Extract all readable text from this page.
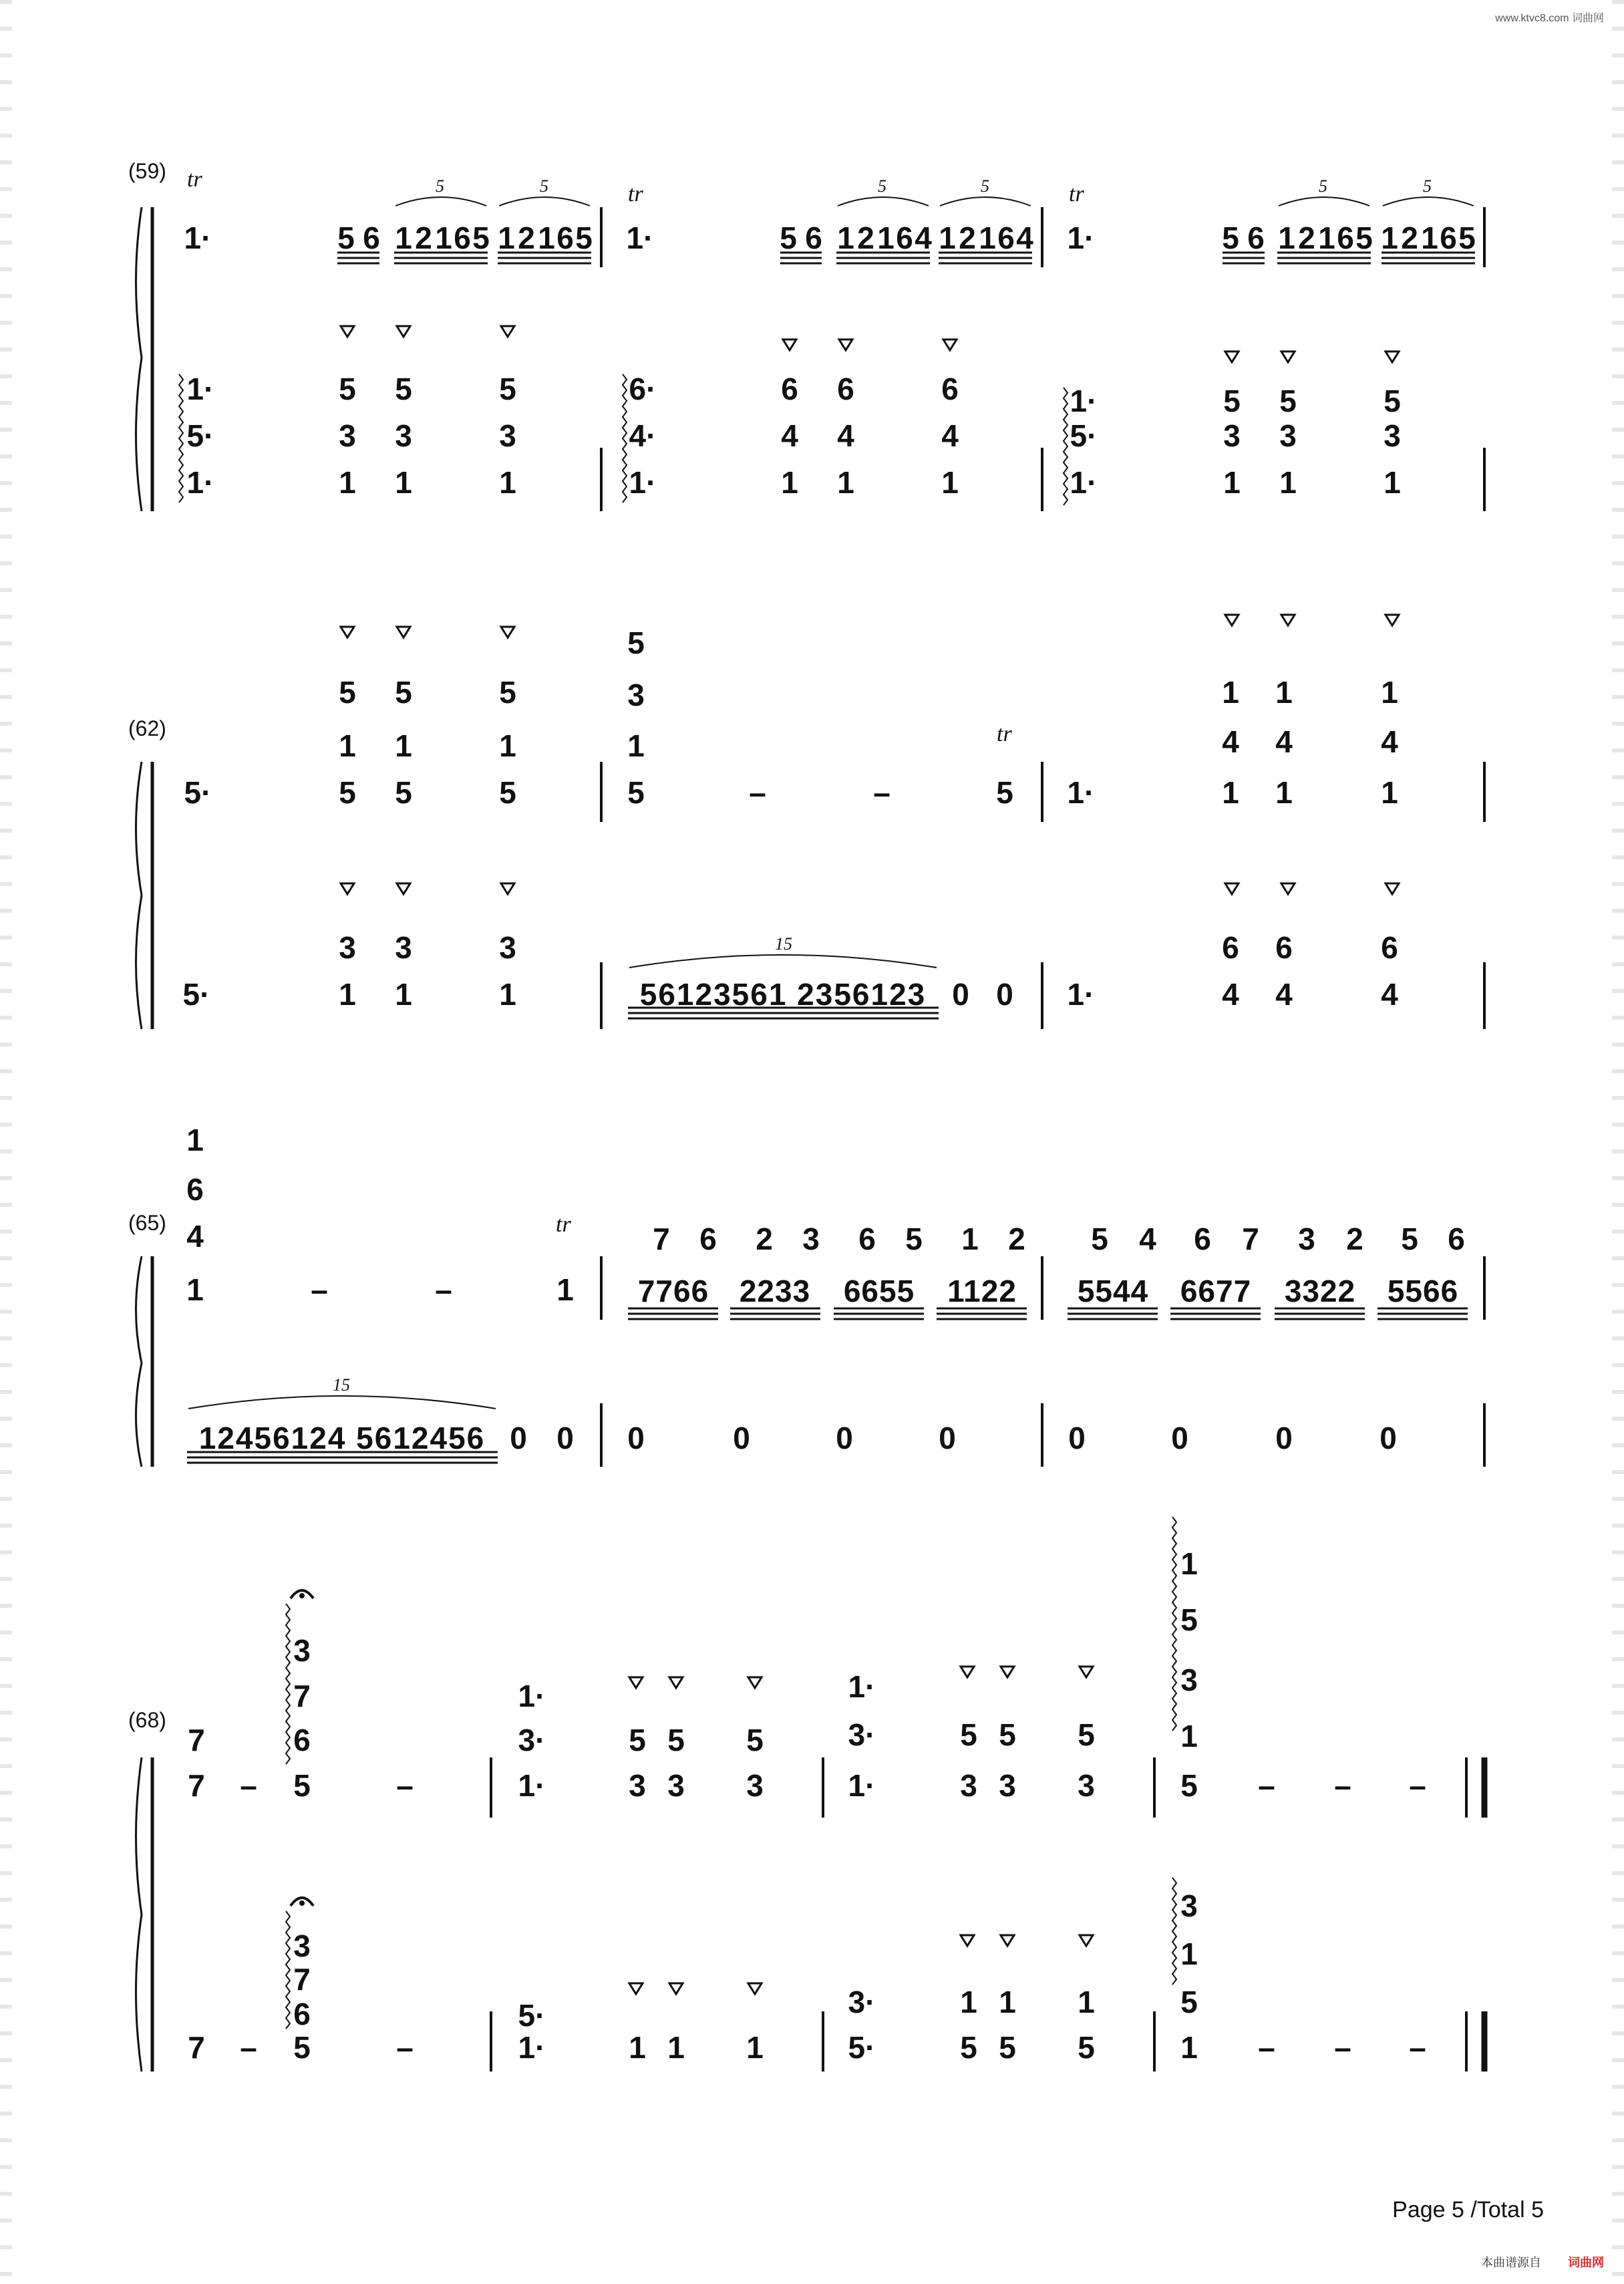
www.ktvc8.com 词曲网
(59)
(62)
(65)
(68)
tr
tr	tr
tr
tr
5	5	5	5	5	5
15
15
1·	5 6 1 2 1 6 5 1 2 1 6 5 1·	5 6 1 2 1 6 4 1 2 1 6 4 1·	5 6 1 2 1 6 5 1 2 1 6 5
1·	5 5	5
5·	3 3	3
1·	1 1	1
6·	6 6	6
4·	4 4	4
1·	1 1	1
1·	5 5	5
5·	3 3	3
1·	1 1	1
5·	5 5	5
1 1	1
5 5	5
5
3
1
5	–	–	5 1·	1 1	1
4 4	4
1 1	1
5·	1 1	1
3 3	3
56123561 2356123 0 0 1·	4 4	4
6 6	6
1
6
4
1	–	–	1
7 6 2 3 6 5 1 2
7766 2233 6655 1122
5 4 6 7 3 2 5 6
5544 6677 3322 5566
12456124 5612456 0 0 0	0	0	0	0	0	0	0
7
7 –
3
7
6
5	–
1·
3·
1·
5 5 5
3 3 3
1·
3·
1·
5 5 5
3 3 3
1
5
3
1
5 – – –
7 –
3
7
6
5	–
5·
1·	1 1 1
3·
5·
1 1 1
5 5 5
3
1
5
1 – – –
Page 5 /Total 5
本曲谱源自 词曲网
